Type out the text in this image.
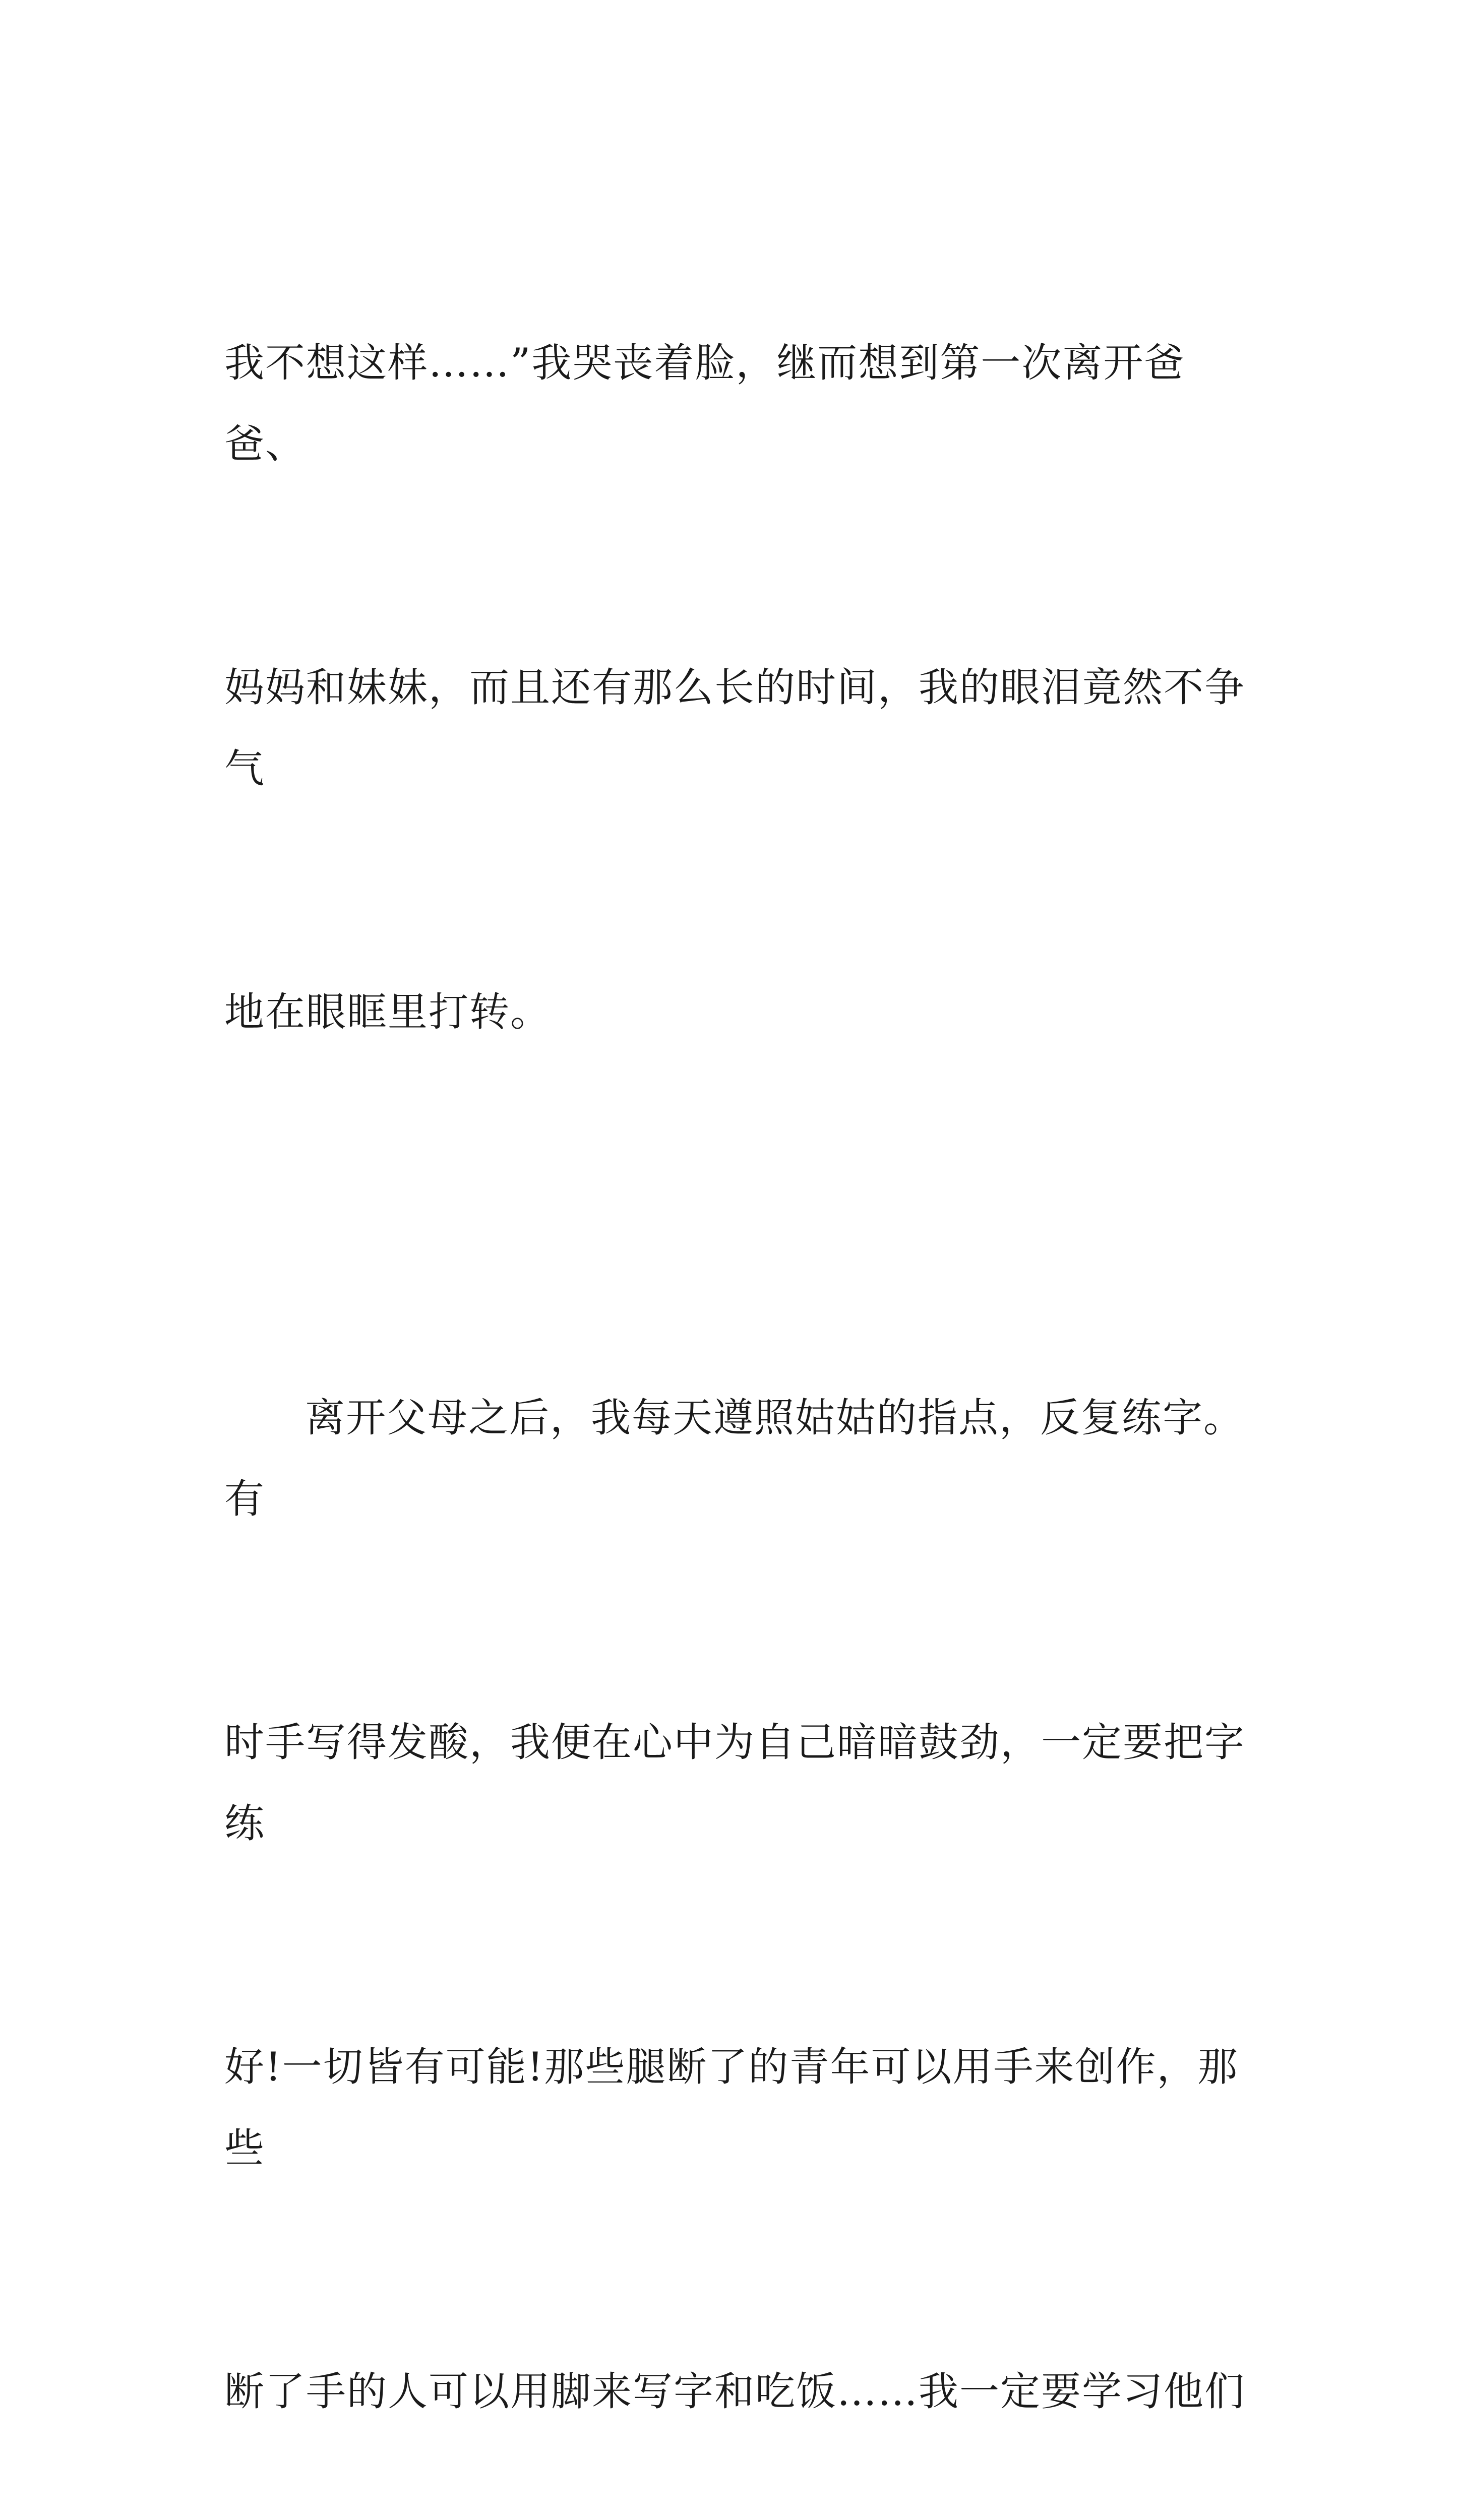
我不想这样……”我哭丧着脸，继而想到第一次离开爸爸、

妈妈和妹妹，而且还有那么长的时间，我的眼泪竟然不争气

地在眼眶里打转。

离开父母之后，我每天遵照姑姑的指点，反复练字。有

时手写得发酸，我便在心中为自己暗暗鼓劲，一定要把字练

好!一切皆有可能!那些腿断了的青年可以用手来创作，那些

断了手的人可以用脚来写字和吃饭……我一定要学习他们
